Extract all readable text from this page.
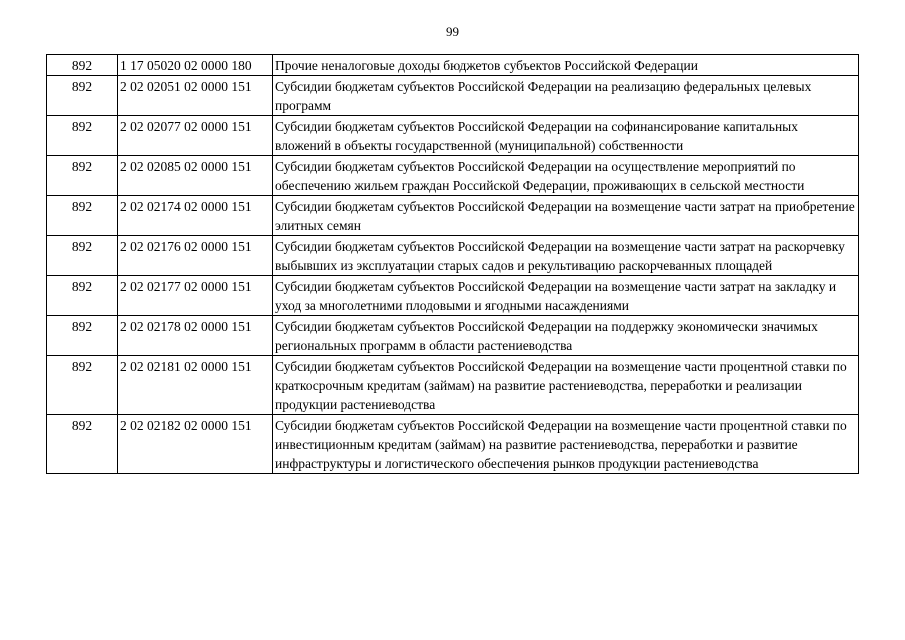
99
892	1 17 05020 02 0000 180	Прочие неналоговые доходы бюджетов субъектов Российской Федерации
892	2 02 02051 02 0000 151	Субсидии бюджетам субъектов Российской Федерации на реализацию федеральных целевых программ
892	2 02 02077 02 0000 151	Субсидии бюджетам субъектов Российской Федерации на софинансирование капитальных вложений в объекты государственной (муниципальной) собственности
892	2 02 02085 02 0000 151	Субсидии бюджетам субъектов Российской Федерации на осуществление мероприятий по обеспечению жильем граждан Российской Федерации, проживающих в сельской местности
892	2 02 02174 02 0000 151	Субсидии бюджетам субъектов Российской Федерации на возмещение части затрат на приобретение элитных семян
892	2 02 02176 02 0000 151	Субсидии бюджетам субъектов Российской Федерации на возмещение части затрат на раскорчевку выбывших из эксплуатации старых садов и рекультивацию раскорчеванных площадей
892	2 02 02177 02 0000 151	Субсидии бюджетам субъектов Российской Федерации на возмещение части затрат на закладку и уход за многолетними плодовыми и ягодными насаждениями
892	2 02 02178 02 0000 151	Субсидии бюджетам субъектов Российской Федерации на поддержку экономически значимых региональных программ в области растениеводства
892	2 02 02181 02 0000 151	Субсидии бюджетам субъектов Российской Федерации на возмещение части процентной ставки по краткосрочным кредитам (займам) на развитие растениеводства, переработки и реализации продукции растениеводства
892	2 02 02182 02 0000 151	Субсидии бюджетам субъектов Российской Федерации на возмещение части процентной ставки по инвестиционным кредитам (займам) на развитие растениеводства, переработки и развитие инфраструктуры и логистического обеспечения рынков продукции растениеводства
